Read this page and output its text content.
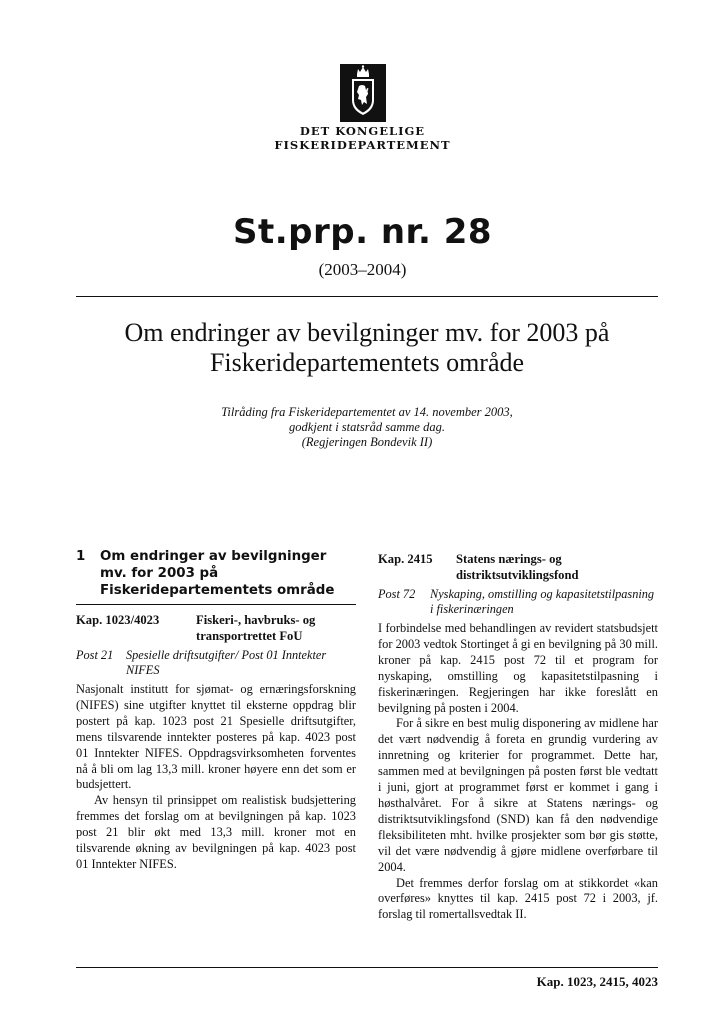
DET KONGELIGE
FISKERIDEPARTEMENT
St.prp. nr. 28
(2003–2004)
Om endringer av bevilgninger mv. for 2003 på
Fiskeridepartementets område
Tilråding fra Fiskeridepartementet av 14. november 2003,
godkjent i statsråd samme dag.
(Regjeringen Bondevik II)
1	Om endringer av bevilgninger mv. for 2003 på Fiskeridepartementets område
Kap. 1023/4023	Fiskeri-, havbruks- og transportrettet FoU
Post 21	Spesielle driftsutgifter/ Post 01 Inntekter NIFES

Nasjonalt institutt for sjømat- og ernæringsforskning (NIFES) sine utgifter knyttet til eksterne oppdrag blir postert på kap. 1023 post 21 Spesielle driftsutgifter, mens tilsvarende inntekter posteres på kap. 4023 post 01 Inntekter NIFES. Oppdragsvirksomheten forventes nå å bli om lag 13,3 mill. kroner høyere enn det som er budsjettert.

Av hensyn til prinsippet om realistisk budsjettering fremmes det forslag om at bevilgningen på kap. 1023 post 21 blir økt med 13,3 mill. kroner mot en tilsvarende økning av bevilgningen på kap. 4023 post 01 Inntekter NIFES.

Kap. 2415	Statens nærings- og distriktsutviklingsfond
Post 72	Nyskaping, omstilling og kapasitetstilpasning i fiskerinæringen

I forbindelse med behandlingen av revidert statsbudsjett for 2003 vedtok Stortinget å gi en bevilgning på 30 mill. kroner på kap. 2415 post 72 til et program for nyskaping, omstilling og kapasitetstilpasning i fiskerinæringen. Regjeringen har ikke foreslått en bevilgning på posten i 2004.

For å sikre en best mulig disponering av midlene har det vært nødvendig å foreta en grundig vurdering av innretning og kriterier for programmet. Dette har, sammen med at bevilgningen på posten først ble vedtatt i juni, gjort at programmet først er kommet i gang i høsthalvåret. For å sikre at Statens nærings- og distriktsutviklingsfond (SND) kan få den nødvendige fleksibiliteten mht. hvilke prosjekter som bør gis støtte, vil det være nødvendig å gjøre midlene overførbare til 2004.

Det fremmes derfor forslag om at stikkordet «kan overføres» knyttes til kap. 2415 post 72 i 2003, jf. forslag til romertallsvedtak II.

Kap. 1023, 2415, 4023
